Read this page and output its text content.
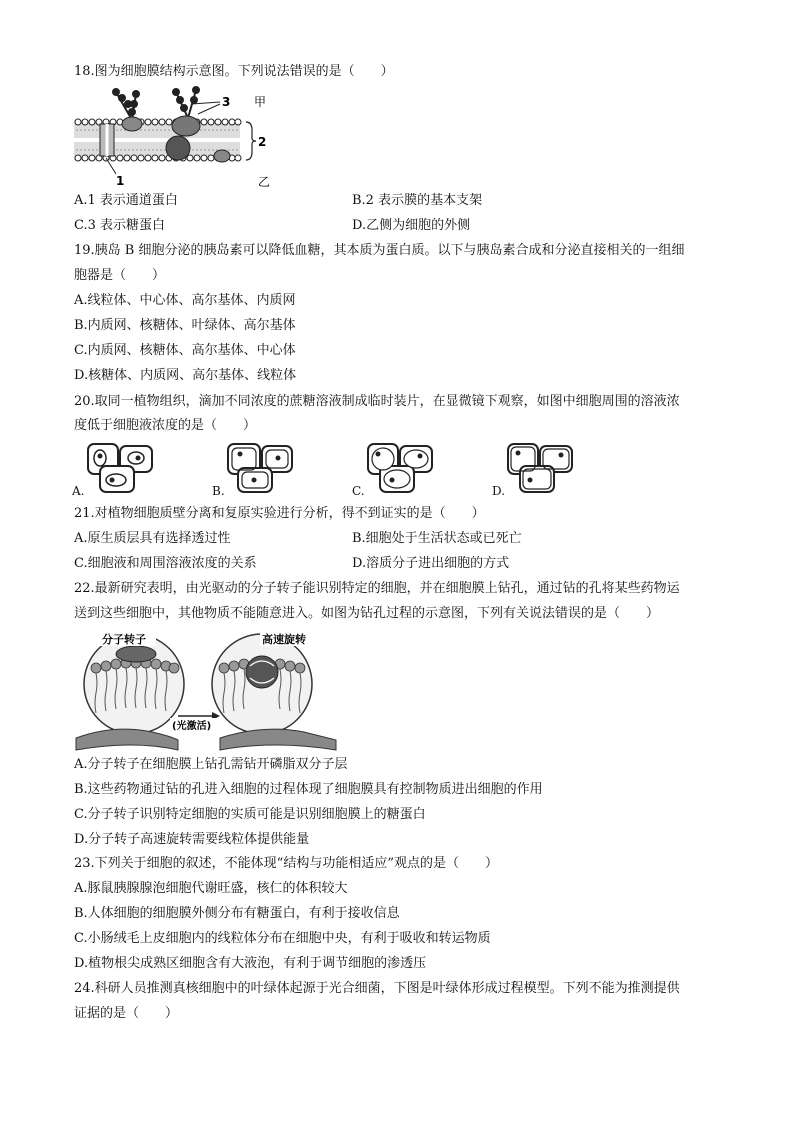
18.图为细胞膜结构示意图。下列说法错误的是（　　）
3 甲
2
1	乙
A.1 表示通道蛋白	B.2 表示膜的基本支架
C.3 表示糖蛋白	D.乙侧为细胞的外侧
19.胰岛 B 细胞分泌的胰岛素可以降低血糖，其本质为蛋白质。以下与胰岛素合成和分泌直接相关的一组细
胞器是（　　）
A.线粒体、中心体、高尔基体、内质网
B.内质网、核糖体、叶绿体、高尔基体
C.内质网、核糖体、高尔基体、中心体
D.核糖体、内质网、高尔基体、线粒体
20.取同一植物组织，滴加不同浓度的蔗糖溶液制成临时装片，在显微镜下观察，如图中细胞周围的溶液浓
度低于细胞液浓度的是（　　）
A.	B.	C.	D.
21.对植物细胞质壁分离和复原实验进行分析，得不到证实的是（　　）
A.原生质层具有选择透过性	B.细胞处于生活状态或已死亡
C.细胞液和周围溶液浓度的关系	D.溶质分子进出细胞的方式
22.最新研究表明，由光驱动的分子转子能识别特定的细胞，并在细胞膜上钻孔，通过钻的孔将某些药物运
送到这些细胞中，其他物质不能随意进入。如图为钻孔过程的示意图，下列有关说法错误的是（　　）
分子转子	高速旋转
(光激活)
A.分子转子在细胞膜上钻孔需钻开磷脂双分子层
B.这些药物通过钻的孔进入细胞的过程体现了细胞膜具有控制物质进出细胞的作用
C.分子转子识别特定细胞的实质可能是识别细胞膜上的糖蛋白
D.分子转子高速旋转需要线粒体提供能量
23.下列关于细胞的叙述，不能体现“结构与功能相适应”观点的是（　　）
A.豚鼠胰腺腺泡细胞代谢旺盛，核仁的体积较大
B.人体细胞的细胞膜外侧分布有糖蛋白，有利于接收信息
C.小肠绒毛上皮细胞内的线粒体分布在细胞中央，有利于吸收和转运物质
D.植物根尖成熟区细胞含有大液泡，有利于调节细胞的渗透压
24.科研人员推测真核细胞中的叶绿体起源于光合细菌，下图是叶绿体形成过程模型。下列不能为推测提供
证据的是（　　）
